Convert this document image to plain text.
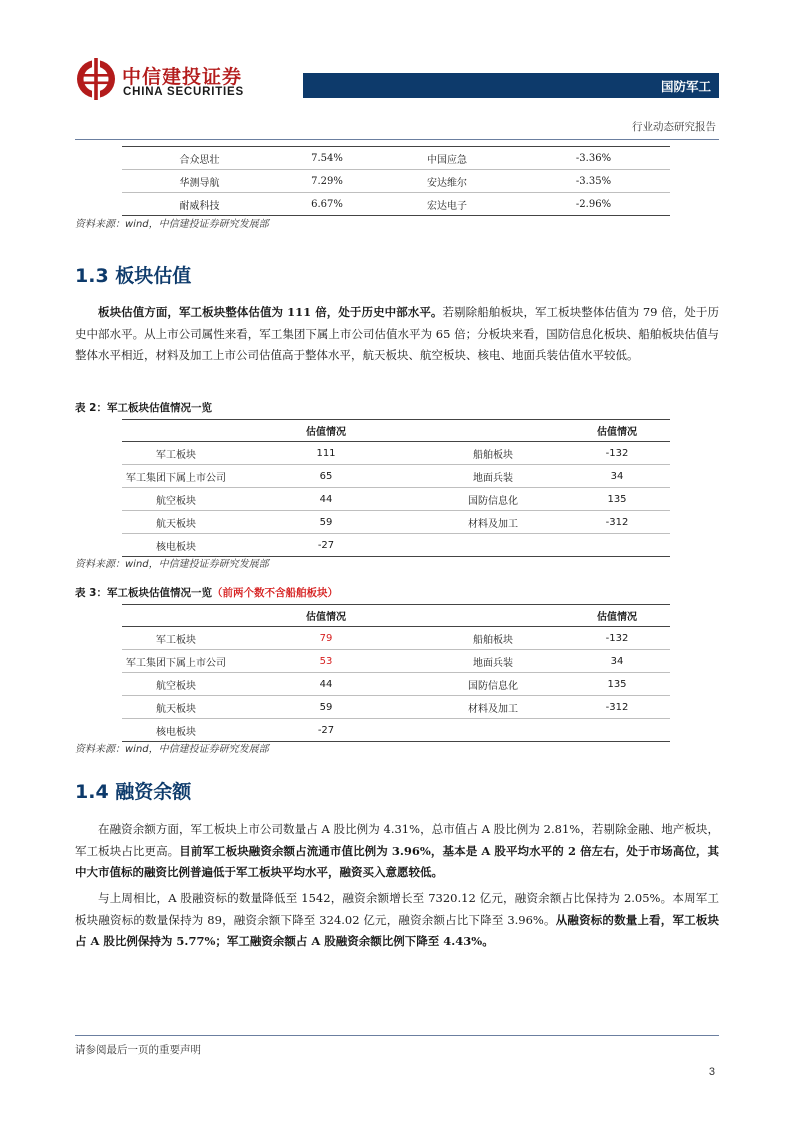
中信建投证券
CHINA SECURITIES	国防军工
行业动态研究报告
合众思壮	7.54%	中国应急	-3.36%
华测导航	7.29%	安达维尔	-3.35%
耐威科技	6.67%	宏达电子	-2.96%
资料来源：wind，中信建投证券研究发展部
1.3 板块估值
板块估值方面，军工板块整体估值为 111 倍，处于历史中部水平。若剔除船舶板块，军工板块整体估值为 79 倍，处于历史中部水平。从上市公司属性来看，军工集团下属上市公司估值水平为 65 倍；分板块来看，国防信息化板块、船舶板块估值与整体水平相近，材料及加工上市公司估值高于整体水平，航天板块、航空板块、核电、地面兵装估值水平较低。
表 2：军工板块估值情况一览
	估值情况		估值情况
军工板块	111	船舶板块	-132
军工集团下属上市公司	65	地面兵装	34
航空板块	44	国防信息化	135
航天板块	59	材料及加工	-312
核电板块	-27		
资料来源：wind，中信建投证券研究发展部
表 3：军工板块估值情况一览（前两个数不含船舶板块）
	估值情况		估值情况
军工板块	79	船舶板块	-132
军工集团下属上市公司	53	地面兵装	34
航空板块	44	国防信息化	135
航天板块	59	材料及加工	-312
核电板块	-27		
资料来源：wind，中信建投证券研究发展部
1.4 融资余额
在融资余额方面，军工板块上市公司数量占 A 股比例为 4.31%，总市值占 A 股比例为 2.81%，若剔除金融、地产板块，军工板块占比更高。目前军工板块融资余额占流通市值比例为 3.96%，基本是 A 股平均水平的 2 倍左右，处于市场高位，其中大市值标的融资比例普遍低于军工板块平均水平，融资买入意愿较低。
与上周相比，A 股融资标的数量降低至 1542，融资余额增长至 7320.12 亿元，融资余额占比保持为 2.05%。本周军工板块融资标的数量保持为 89，融资余额下降至 324.02 亿元，融资余额占比下降至 3.96%。从融资标的数量上看，军工板块占 A 股比例保持为 5.77%；军工融资余额占 A 股融资余额比例下降至 4.43%。
请参阅最后一页的重要声明
3
